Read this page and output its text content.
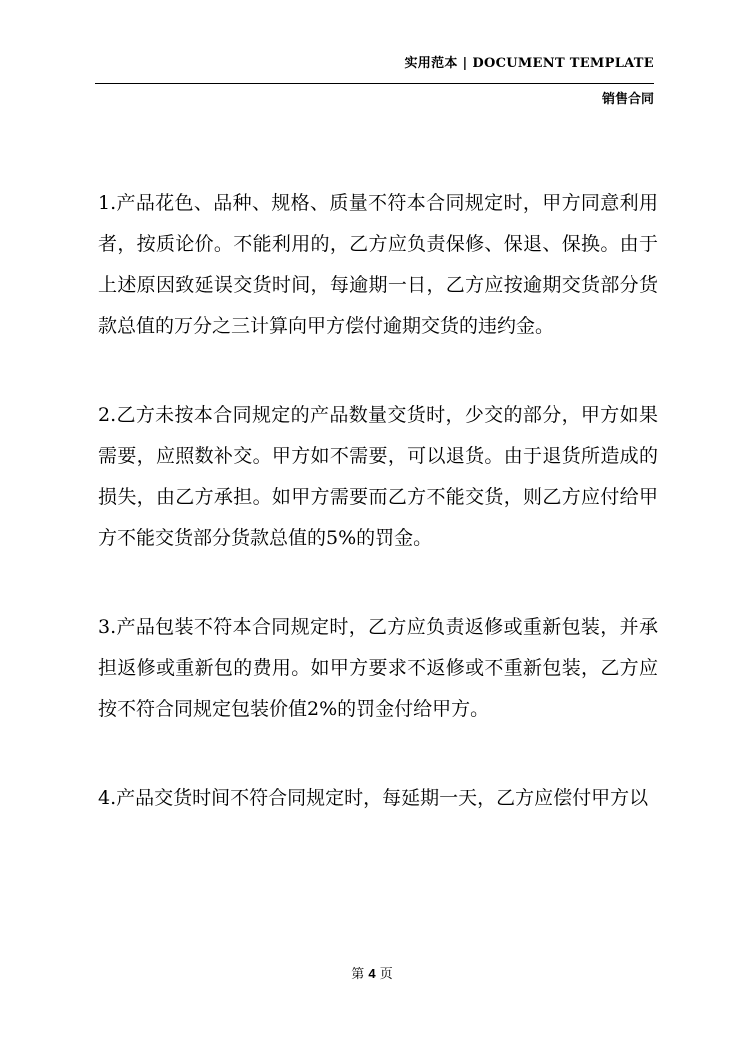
实用范本 | DOCUMENT TEMPLATE
销售合同

1.产品花色、品种、规格、质量不符本合同规定时，甲方同意利用者，按质论价。不能利用的，乙方应负责保修、保退、保换。由于上述原因致延误交货时间，每逾期一日，乙方应按逾期交货部分货款总值的万分之三计算向甲方偿付逾期交货的违约金。

2.乙方未按本合同规定的产品数量交货时，少交的部分，甲方如果需要，应照数补交。甲方如不需要，可以退货。由于退货所造成的损失，由乙方承担。如甲方需要而乙方不能交货，则乙方应付给甲方不能交货部分货款总值的5%的罚金。

3.产品包装不符本合同规定时，乙方应负责返修或重新包装，并承担返修或重新包的费用。如甲方要求不返修或不重新包装，乙方应按不符合同规定包装价值2%的罚金付给甲方。

4.产品交货时间不符合同规定时，每延期一天，乙方应偿付甲方以

第 4 页
